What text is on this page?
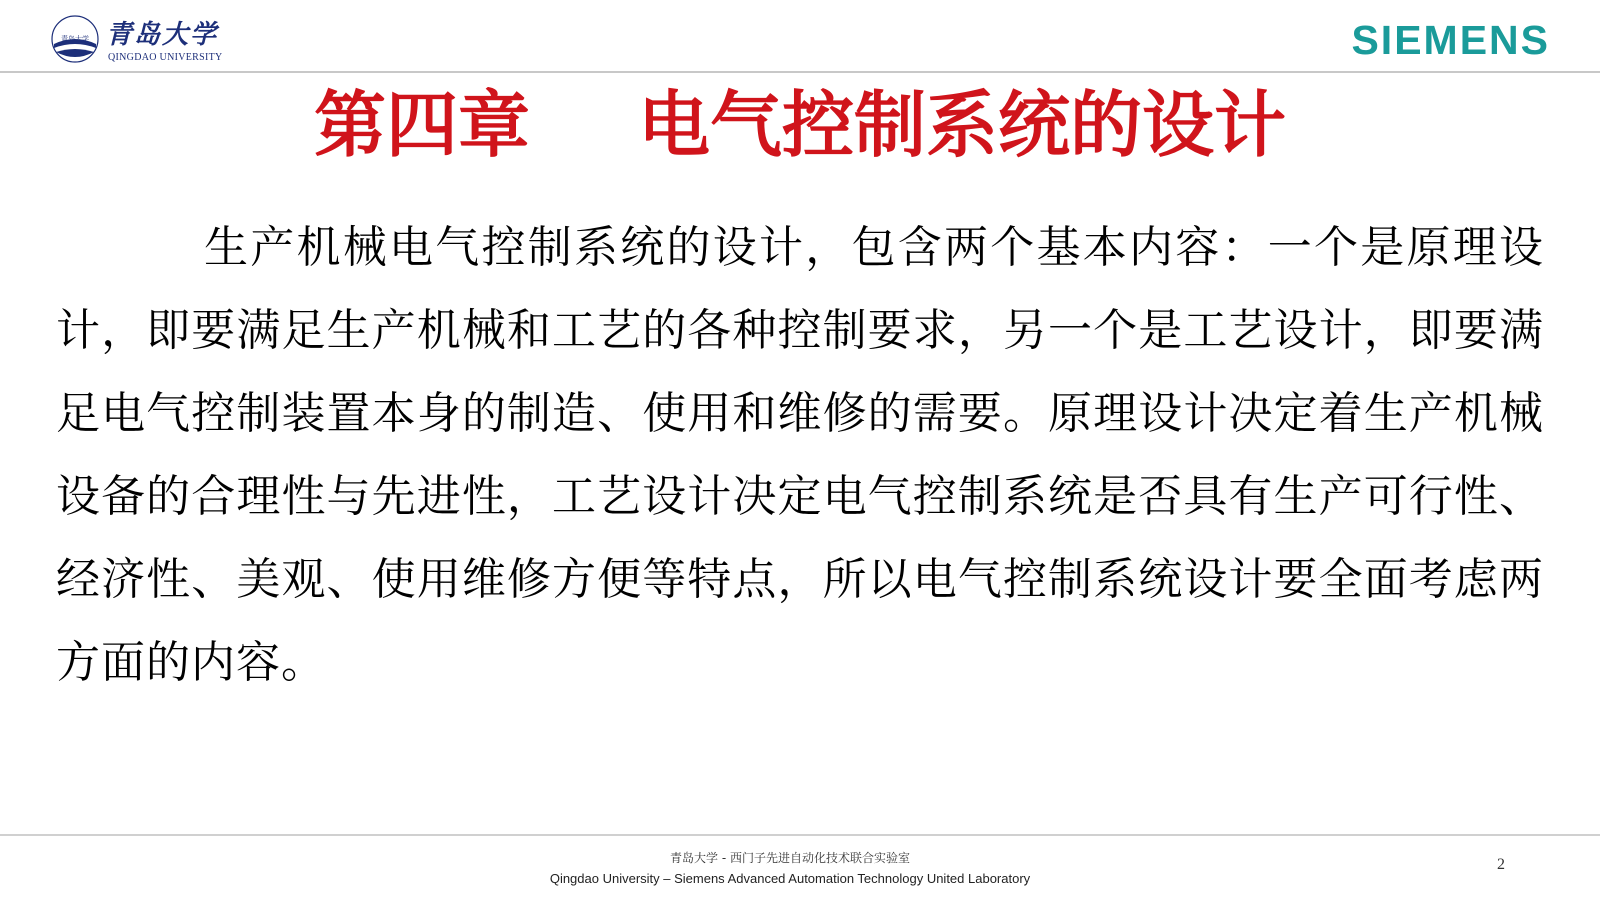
青岛大学 青岛大学
QINGDAO UNIVERSITY	SIEMENS
第四章 电气控制系统的设计
生产机械电气控制系统的设计，包含两个基本内容：一个是原理设计，即要满足生产机械和工艺的各种控制要求，另一个是工艺设计，即要满足电气控制装置本身的制造、使用和维修的需要。原理设计决定着生产机械设备的合理性与先进性，工艺设计决定电气控制系统是否具有生产可行性、经济性、美观、使用维修方便等特点，所以电气控制系统设计要全面考虑两方面的内容。
青岛大学 - 西门子先进自动化技术联合实验室
Qingdao University – Siemens Advanced Automation Technology United Laboratory
2
